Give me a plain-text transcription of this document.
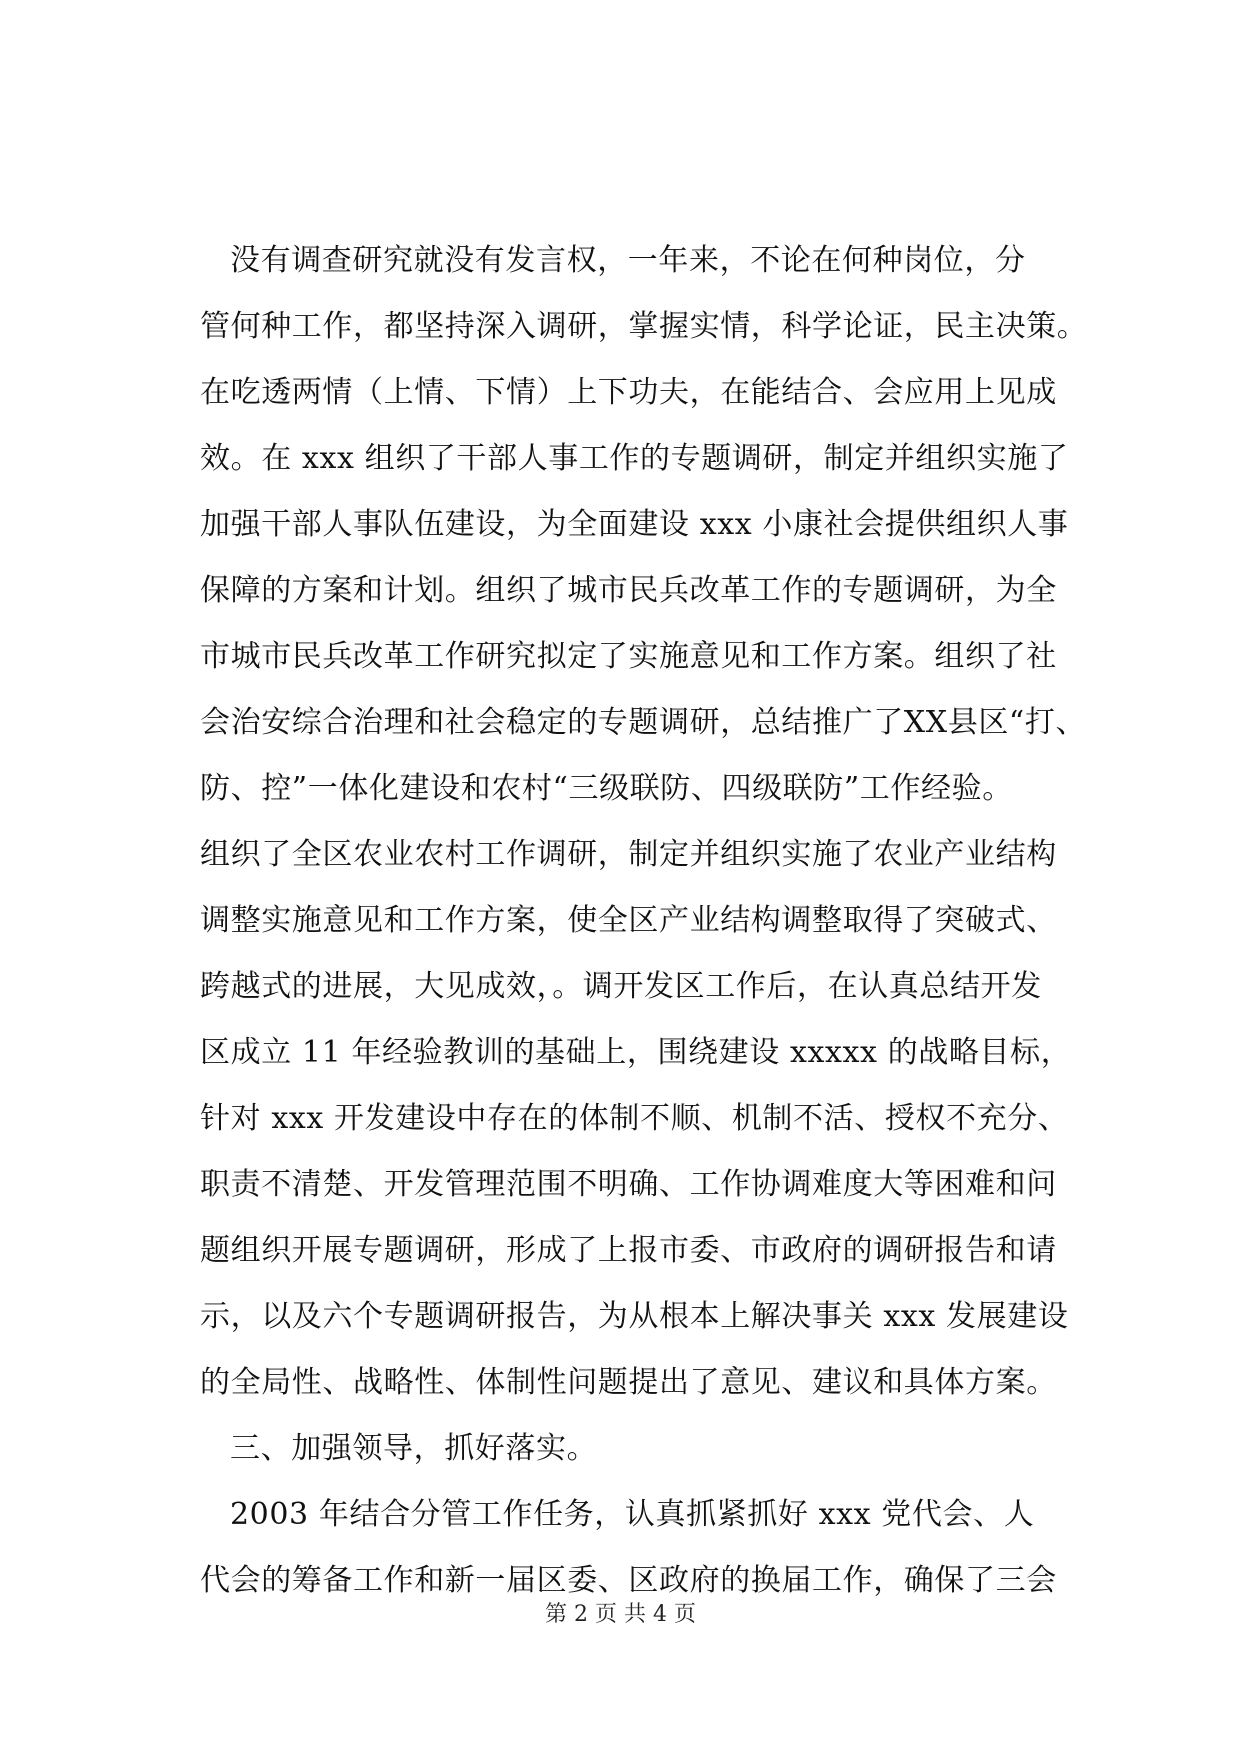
没有调查研究就没有发言权，一年来，不论在何种岗位，分
管何种工作，都坚持深入调研，掌握实情，科学论证，民主决策。
在吃透两情（上情、下情）上下功夫，在能结合、会应用上见成
效。在 xxx 组织了干部人事工作的专题调研，制定并组织实施了
加强干部人事队伍建设，为全面建设 xxx 小康社会提供组织人事
保障的方案和计划。组织了城市民兵改革工作的专题调研，为全
市城市民兵改革工作研究拟定了实施意见和工作方案。组织了社
会治安综合治理和社会稳定的专题调研，总结推广了XX县区“打、
防、控”一体化建设和农村“三级联防、四级联防”工作经验。
组织了全区农业农村工作调研，制定并组织实施了农业产业结构
调整实施意见和工作方案，使全区产业结构调整取得了突破式、
跨越式的进展，大见成效，。调开发区工作后，在认真总结开发
区成立 11 年经验教训的基础上，围绕建设 xxxxx 的战略目标，
针对 xxx 开发建设中存在的体制不顺、机制不活、授权不充分、
职责不清楚、开发管理范围不明确、工作协调难度大等困难和问
题组织开展专题调研，形成了上报市委、市政府的调研报告和请
示，以及六个专题调研报告，为从根本上解决事关 xxx 发展建设
的全局性、战略性、体制性问题提出了意见、建议和具体方案。
三、加强领导，抓好落实。
2003 年结合分管工作任务，认真抓紧抓好 xxx 党代会、人
代会的筹备工作和新一届区委、区政府的换届工作，确保了三会
第 2 页 共 4 页
